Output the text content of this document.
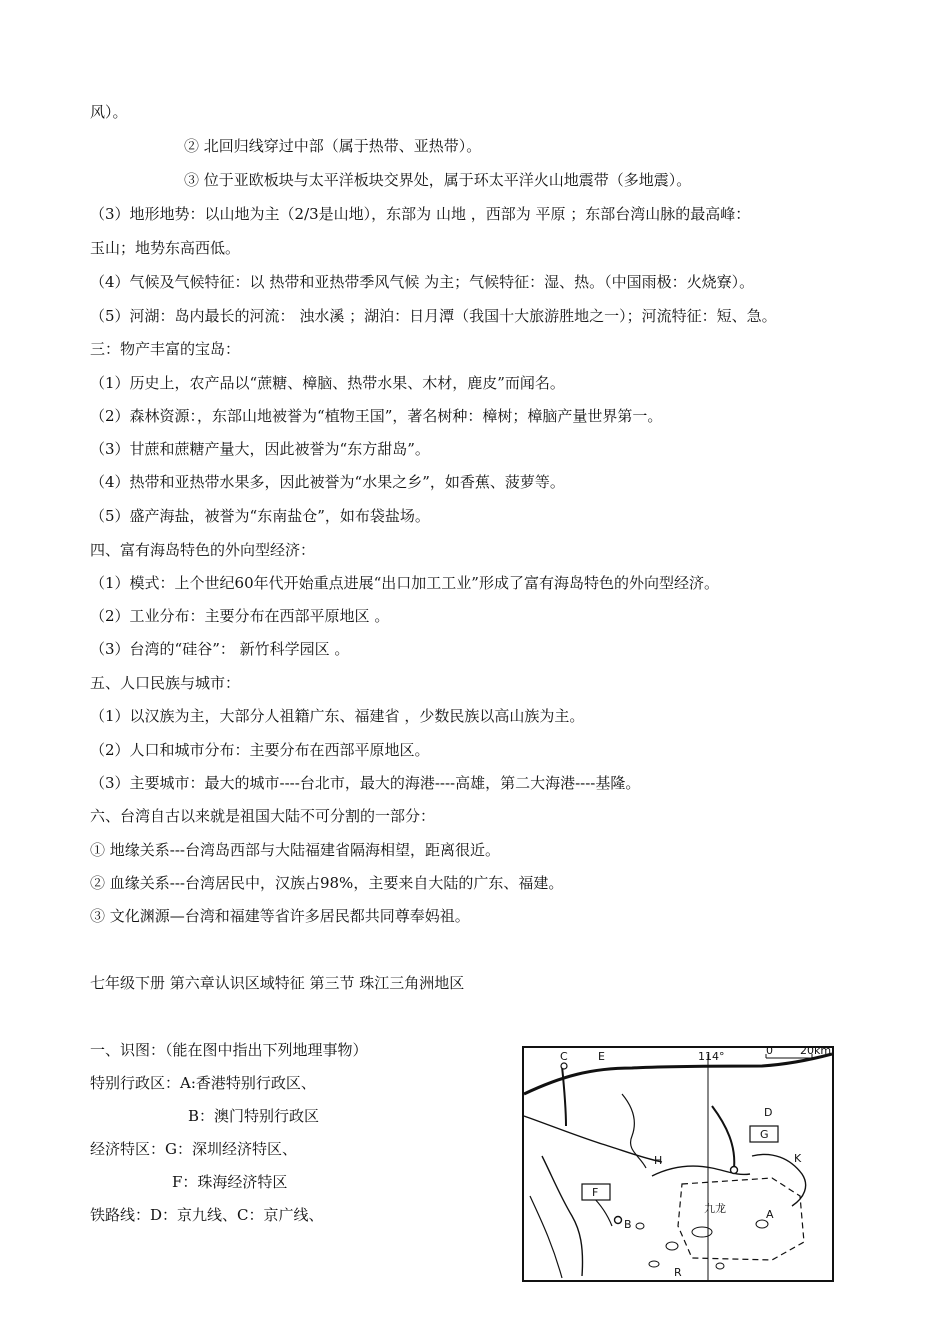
风）。
② 北回归线穿过中部（属于热带、亚热带）。
③ 位于亚欧板块与太平洋板块交界处，属于环太平洋火山地震带（多地震）。
（3）地形地势：以山地为主（2/3是山地），东部为 山地 ，西部为 平原 ；东部台湾山脉的最高峰：
玉山；地势东高西低。
（4）气候及气候特征：以 热带和亚热带季风气候 为主；气候特征：湿、热。（中国雨极：火烧寮）。
（5）河湖：岛内最长的河流： 浊水溪 ；湖泊：日月潭（我国十大旅游胜地之一）；河流特征：短、急。
三：物产丰富的宝岛：
（1）历史上，农产品以“蔗糖、樟脑、热带水果、木材，鹿皮”而闻名。
（2）森林资源：，东部山地被誉为“植物王国”，著名树种：樟树；樟脑产量世界第一。
（3）甘蔗和蔗糖产量大，因此被誉为“东方甜岛”。
（4）热带和亚热带水果多，因此被誉为“水果之乡”，如香蕉、菠萝等。
（5）盛产海盐，被誉为“东南盐仓”，如布袋盐场。
四、富有海岛特色的外向型经济：
（1）模式：上个世纪60年代开始重点进展“出口加工工业”形成了富有海岛特色的外向型经济。
（2）工业分布：主要分布在西部平原地区 。
（3）台湾的“硅谷”： 新竹科学园区 。
五、人口民族与城市：
（1）以汉族为主，大部分人祖籍广东、福建省 ，少数民族以高山族为主。
（2）人口和城市分布：主要分布在西部平原地区。
（3）主要城市：最大的城市----台北市，最大的海港----高雄，第二大海港----基隆。
六、台湾自古以来就是祖国大陆不可分割的一部分：
① 地缘关系---台湾岛西部与大陆福建省隔海相望，距离很近。
② 血缘关系---台湾居民中，汉族占98%，主要来自大陆的广东、福建。
③ 文化渊源—台湾和福建等省许多居民都共同尊奉妈祖。
七年级下册 第六章认识区域特征 第三节 珠江三角洲地区
一、识图：（能在图中指出下列地理事物）
特别行政区：A:香港特别行政区、
B：澳门特别行政区
经济特区：G：深圳经济特区、
F：珠海经济特区
铁路线：D：京九线、C：京广线、
114°	0 20km
C	E
D
G
H	K
F
B
九龙	A
R
